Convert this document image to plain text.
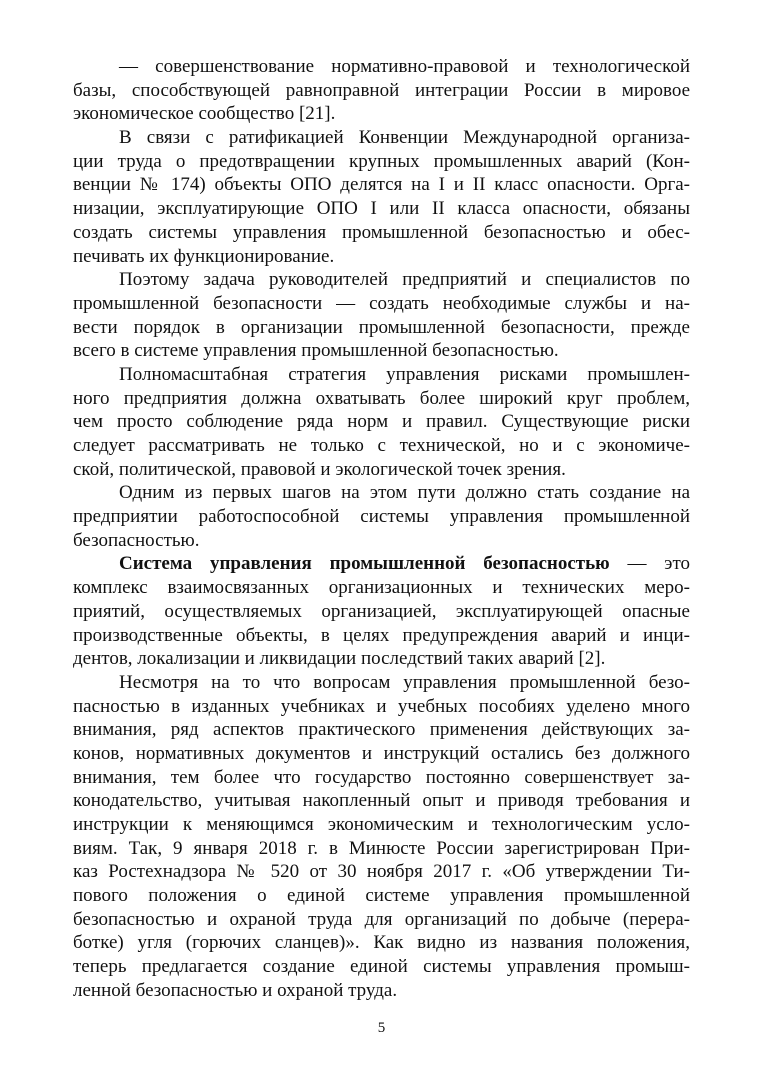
— совершенствование нормативно-правовой и технологической
базы, способствующей равноправной интеграции России в мировое
экономическое сообщество [21].
В связи с ратификацией Конвенции Международной организа-
ции труда о предотвращении крупных промышленных аварий (Кон-
венции № 174) объекты ОПО делятся на I и II класс опасности. Орга-
низации, эксплуатирующие ОПО I или II класса опасности, обязаны
создать системы управления промышленной безопасностью и обес-
печивать их функционирование.
Поэтому задача руководителей предприятий и специалистов по
промышленной безопасности — создать необходимые службы и на-
вести порядок в организации промышленной безопасности, прежде
всего в системе управления промышленной безопасностью.
Полномасштабная стратегия управления рисками промышлен-
ного предприятия должна охватывать более широкий круг проблем,
чем просто соблюдение ряда норм и правил. Существующие риски
следует рассматривать не только с технической, но и с экономиче-
ской, политической, правовой и экологической точек зрения.
Одним из первых шагов на этом пути должно стать создание на
предприятии работоспособной системы управления промышленной
безопасностью.
Система управления промышленной безопасностью — это
комплекс взаимосвязанных организационных и технических меро-
приятий, осуществляемых организацией, эксплуатирующей опасные
производственные объекты, в целях предупреждения аварий и инци-
дентов, локализации и ликвидации последствий таких аварий [2].
Несмотря на то что вопросам управления промышленной безо-
пасностью в изданных учебниках и учебных пособиях уделено много
внимания, ряд аспектов практического применения действующих за-
конов, нормативных документов и инструкций остались без должного
внимания, тем более что государство постоянно совершенствует за-
конодательство, учитывая накопленный опыт и приводя требования и
инструкции к меняющимся экономическим и технологическим усло-
виям. Так, 9 января 2018 г. в Минюсте России зарегистрирован При-
каз Ростехнадзора № 520 от 30 ноября 2017 г. «Об утверждении Ти-
пового положения о единой системе управления промышленной
безопасностью и охраной труда для организаций по добыче (перера-
ботке) угля (горючих сланцев)». Как видно из названия положения,
теперь предлагается создание единой системы управления промыш-
ленной безопасностью и охраной труда.
5
